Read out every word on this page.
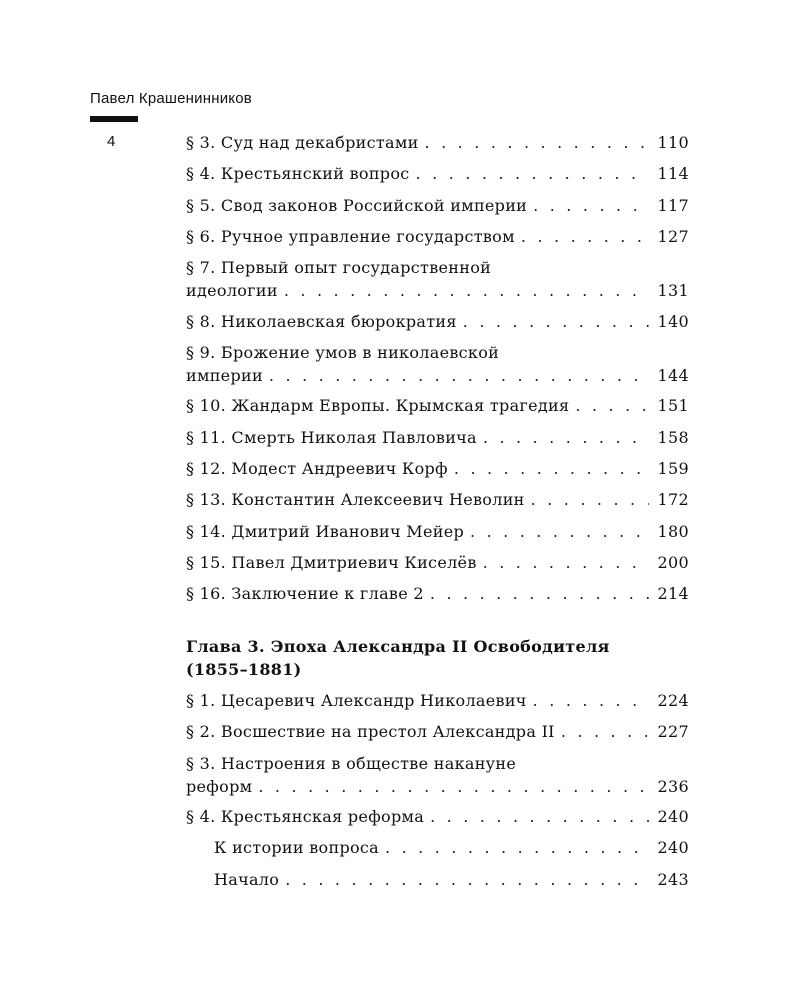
Павел Крашенинников
4	§ 3. Суд над декабристами . . .	110
§ 4. Крестьянский вопрос . . .	114
§ 5. Свод законов Российской империи . . .	117
§ 6. Ручное управление государством . . .	127
§ 7. Первый опыт государственной
идеологии . . .	131
§ 8. Николаевская бюрократия . . .	140
§ 9. Брожение умов в николаевской
империи . . .	144
§ 10. Жандарм Европы. Крымская трагедия . . .	151
§ 11. Смерть Николая Павловича . . .	158
§ 12. Модест Андреевич Корф . . .	159
§ 13. Константин Алексеевич Неволин . . .	172
§ 14. Дмитрий Иванович Мейер . . .	180
§ 15. Павел Дмитриевич Киселёв . . .	200
§ 16. Заключение к главе 2 . . .	214
Глава 3. Эпоха Александра II Освободителя
(1855–1881)
§ 1. Цесаревич Александр Николаевич . . .	224
§ 2. Восшествие на престол Александра II . . .	227
§ 3. Настроения в обществе накануне
реформ . . .	236
§ 4. Крестьянская реформа . . .	240
К истории вопроса . . .	240
Начало . . .	243
